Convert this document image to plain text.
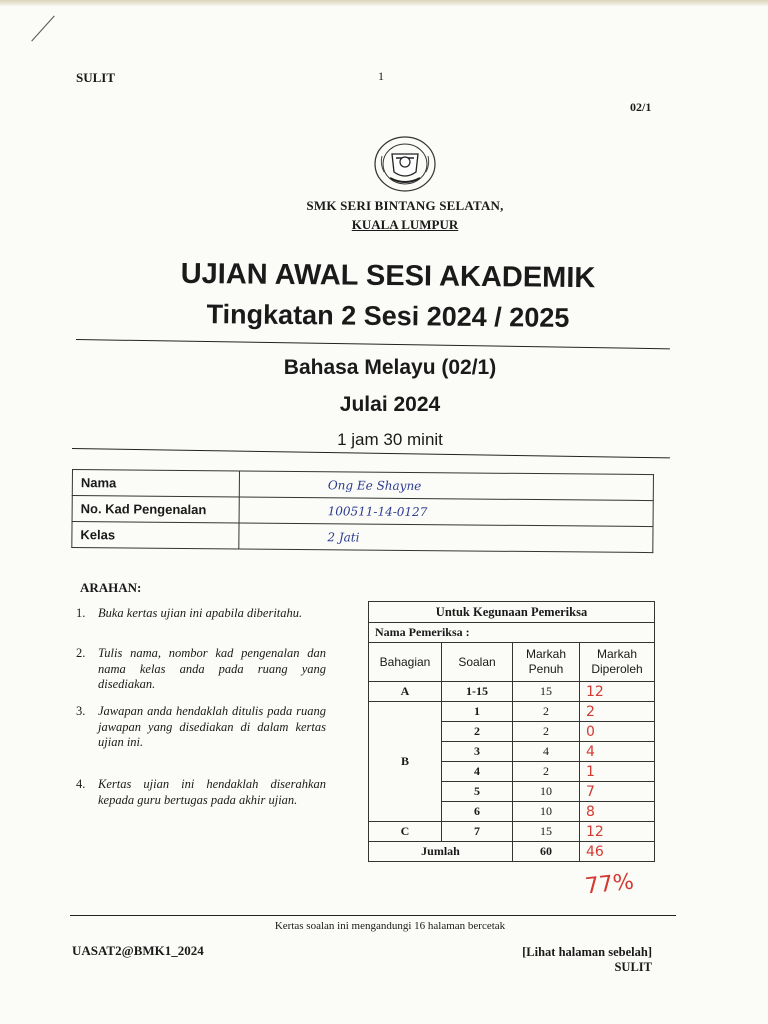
SULIT	1
02/1
SMK SERI BINTANG SELATAN,
KUALA LUMPUR
UJIAN AWAL SESI AKADEMIK
Tingkatan 2 Sesi 2024 / 2025
Bahasa Melayu (02/1)
Julai 2024
1 jam 30 minit
Nama	Ong Ee Shayne
No. Kad Pengenalan	100511-14-0127
Kelas	2 Jati
ARAHAN:
1. Buka kertas ujian ini apabila diberitahu.
2. Tulis nama, nombor kad pengenalan dan nama kelas anda pada ruang yang disediakan.
3. Jawapan anda hendaklah ditulis pada ruang jawapan yang disediakan di dalam kertas ujian ini.
4. Kertas ujian ini hendaklah diserahkan kepada guru bertugas pada akhir ujian.
Untuk Kegunaan Pemeriksa			
Nama Pemeriksa :			
Bahagian	Soalan	Markah Penuh	Markah Diperoleh
A	1-15	15	12
B	1	2	2
	2	2	0
	3	4	4
	4	2	1
	5	10	7
	6	10	8
C	7	15	12
Jumlah		60	46
77%
Kertas soalan ini mengandungi 16 halaman bercetak
UASAT2@BMK1_2024	[Lihat halaman sebelah]
SULIT
